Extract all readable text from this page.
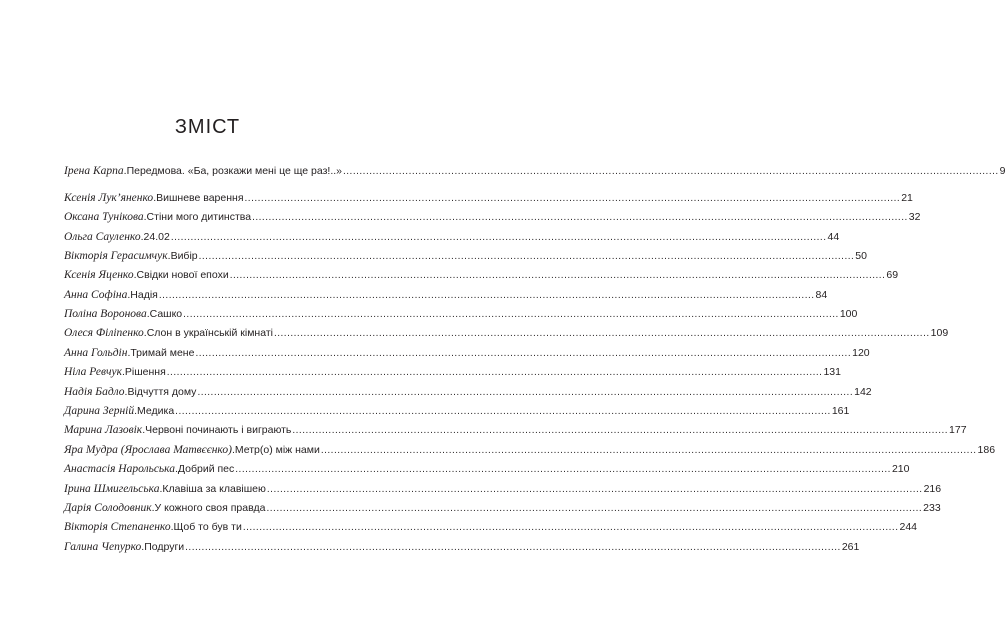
ЗМІСТ
Ірена Карпа . Передмова. «Ба, розкажи мені це ще раз!..» ........................................................................................................................................................................................................ 9
Ксенія Лук’яненко . Вишневе варення ........................................................................................................................................................................................................ 21
Оксана Тунікова . Стіни мого дитинства ........................................................................................................................................................................................................ 32
Ольга Сауленко . 24.02 ........................................................................................................................................................................................................ 44
Вікторія Герасимчук . Вибір ........................................................................................................................................................................................................ 50
Ксенія Яценко . Свідки нової епохи ........................................................................................................................................................................................................ 69
Анна Софіна . Надія ........................................................................................................................................................................................................ 84
Поліна Воронова . Сашко ........................................................................................................................................................................................................ 100
Олеся Філіпенко . Слон в українській кімнаті ........................................................................................................................................................................................................ 109
Анна Гольдін . Тримай мене ........................................................................................................................................................................................................ 120
Ніла Ревчук . Рішення ........................................................................................................................................................................................................ 131
Надія Бадло . Відчуття дому ........................................................................................................................................................................................................ 142
Дарина Зерній . Медика ........................................................................................................................................................................................................ 161
Марина Лазовік . Червоні починають і виграють ........................................................................................................................................................................................................ 177
Яра Мудра (Ярослава Матвєєнко) . Метр(о) між нами ........................................................................................................................................................................................................ 186
Анастасія Нарольська . Добрий пес ........................................................................................................................................................................................................ 210
Ірина Шмигельська . Клавіша за клавішею ........................................................................................................................................................................................................ 216
Дарія Солодовник . У кожного своя правда ........................................................................................................................................................................................................ 233
Вікторія Степаненко . Щоб то був ти ........................................................................................................................................................................................................ 244
Галина Чепурко . Подруги ........................................................................................................................................................................................................ 261
